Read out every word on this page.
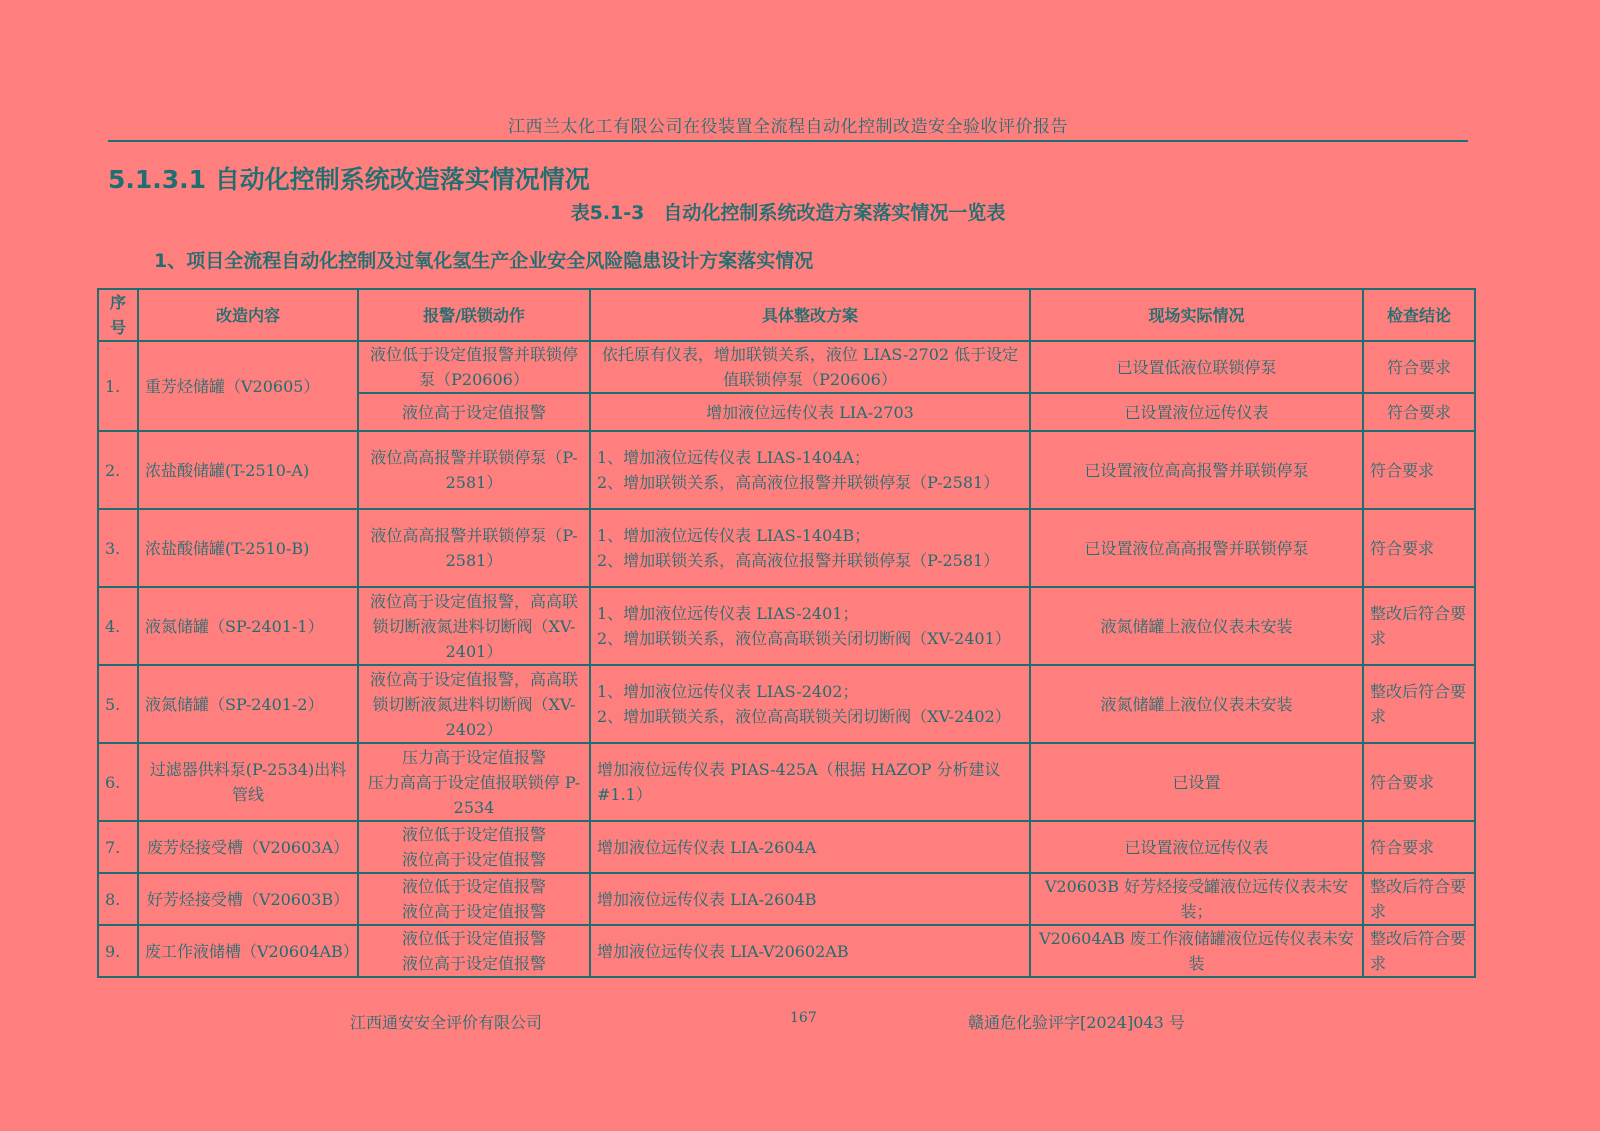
江西兰太化工有限公司在役装置全流程自动化控制改造安全验收评价报告
5.1.3.1 自动化控制系统改造落实情况情况
表5.1-3　自动化控制系统改造方案落实情况一览表
1、项目全流程自动化控制及过氧化氢生产企业安全风险隐患设计方案落实情况
序号	改造内容	报警/联锁动作	具体整改方案	现场实际情况	检查结论
1.	重芳烃储罐（V20605）	液位低于设定值报警并联锁停泵（P20606）	依托原有仪表，增加联锁关系，液位 LIAS-2702 低于设定值联锁停泵（P20606）	已设置低液位联锁停泵	符合要求
		液位高于设定值报警	增加液位远传仪表 LIA-2703	已设置液位远传仪表	符合要求
2.	浓盐酸储罐(T-2510-A)	液位高高报警并联锁停泵（P-2581）	1、增加液位远传仪表 LIAS-1404A；
2、增加联锁关系，高高液位报警并联锁停泵（P-2581）	已设置液位高高报警并联锁停泵	符合要求
3.	浓盐酸储罐(T-2510-B)	液位高高报警并联锁停泵（P-2581）	1、增加液位远传仪表 LIAS-1404B；
2、增加联锁关系，高高液位报警并联锁停泵（P-2581）	已设置液位高高报警并联锁停泵	符合要求
4.	液氮储罐（SP-2401-1）	液位高于设定值报警，高高联锁切断液氮进料切断阀（XV-2401）	1、增加液位远传仪表 LIAS-2401；
2、增加联锁关系，液位高高联锁关闭切断阀（XV-2401）	液氮储罐上液位仪表未安装	整改后符合要求
5.	液氮储罐（SP-2401-2）	液位高于设定值报警，高高联锁切断液氮进料切断阀（XV-2402）	1、增加液位远传仪表 LIAS-2402；
2、增加联锁关系，液位高高联锁关闭切断阀（XV-2402）	液氮储罐上液位仪表未安装	整改后符合要求
6.	过滤器供料泵(P-2534)出料管线	压力高于设定值报警
压力高高于设定值报联锁停 P-2534	增加液位远传仪表 PIAS-425A（根据 HAZOP 分析建议#1.1）	已设置	符合要求
7.	废芳烃接受槽（V20603A）	液位低于设定值报警
液位高于设定值报警	增加液位远传仪表 LIA-2604A	已设置液位远传仪表	符合要求
8.	好芳烃接受槽（V20603B）	液位低于设定值报警
液位高于设定值报警	增加液位远传仪表 LIA-2604B	V20603B 好芳烃接受罐液位远传仪表未安装；	整改后符合要求
9.	废工作液储槽（V20604AB）	液位低于设定值报警
液位高于设定值报警	增加液位远传仪表 LIA-V20602AB	V20604AB 废工作液储罐液位远传仪表未安装	整改后符合要求
江西通安安全评价有限公司	167	赣通危化验评字[2024]043 号
